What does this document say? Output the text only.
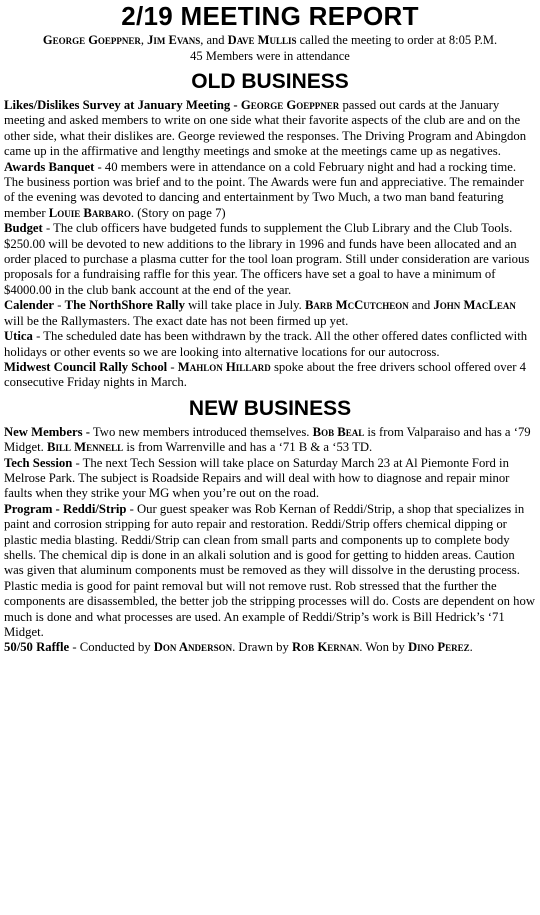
2/19 MEETING REPORT

George Goeppner, Jim Evans, and Dave Mullis called the meeting to order at 8:05 P.M.

45 Members were in attendance

OLD BUSINESS

Likes/Dislikes Survey at January Meeting - George Goeppner passed out cards at the January meeting and asked members to write on one side what their favorite aspects of the club are and on the other side, what their dislikes are. George reviewed the responses. The Driving Program and Abingdon came up in the affirmative and lengthy meetings and smoke at the meetings came up as negatives.

Awards Banquet - 40 members were in attendance on a cold February night and had a rocking time. The business portion was brief and to the point. The Awards were fun and appreciative. The remainder of the evening was devoted to dancing and entertainment by Two Much, a two man band featuring member Louie Barbaro. (Story on page 7)

Budget - The club officers have budgeted funds to supplement the Club Library and the Club Tools. $250.00 will be devoted to new additions to the library in 1996 and funds have been allocated and an order placed to purchase a plasma cutter for the tool loan program. Still under consideration are various proposals for a fundraising raffle for this year. The officers have set a goal to have a minimum of $4000.00 in the club bank account at the end of the year.

Calender - The NorthShore Rally will take place in July. Barb McCutcheon and John MacLean will be the Rallymasters. The exact date has not been firmed up yet.

Utica - The scheduled date has been withdrawn by the track. All the other offered dates conflicted with holidays or other events so we are looking into alternative locations for our autocross.

Midwest Council Rally School - Mahlon Hillard spoke about the free drivers school offered over 4 consecutive Friday nights in March.

NEW BUSINESS

New Members - Two new members introduced themselves. Bob Beal is from Valparaiso and has a ‘79 Midget. Bill Mennell is from Warrenville and has a ‘71 B & a ‘53 TD.

Tech Session - The next Tech Session will take place on Saturday March 23 at Al Piemonte Ford in Melrose Park. The subject is Roadside Repairs and will deal with how to diagnose and repair minor faults when they strike your MG when you’re out on the road.

Program - Reddi/Strip - Our guest speaker was Rob Kernan of Reddi/Strip, a shop that specializes in paint and corrosion stripping for auto repair and restoration. Reddi/Strip offers chemical dipping or plastic media blasting. Reddi/Strip can clean from small parts and components up to complete body shells. The chemical dip is done in an alkali solution and is good for getting to hidden areas. Caution was given that aluminum components must be removed as they will dissolve in the derusting process. Plastic media is good for paint removal but will not remove rust. Rob stressed that the further the components are disassembled, the better job the stripping processes will do. Costs are dependent on how much is done and what processes are used. An example of Reddi/Strip’s work is Bill Hedrick’s ‘71 Midget.

50/50 Raffle - Conducted by Don Anderson. Drawn by Rob Kernan. Won by Dino Perez.
